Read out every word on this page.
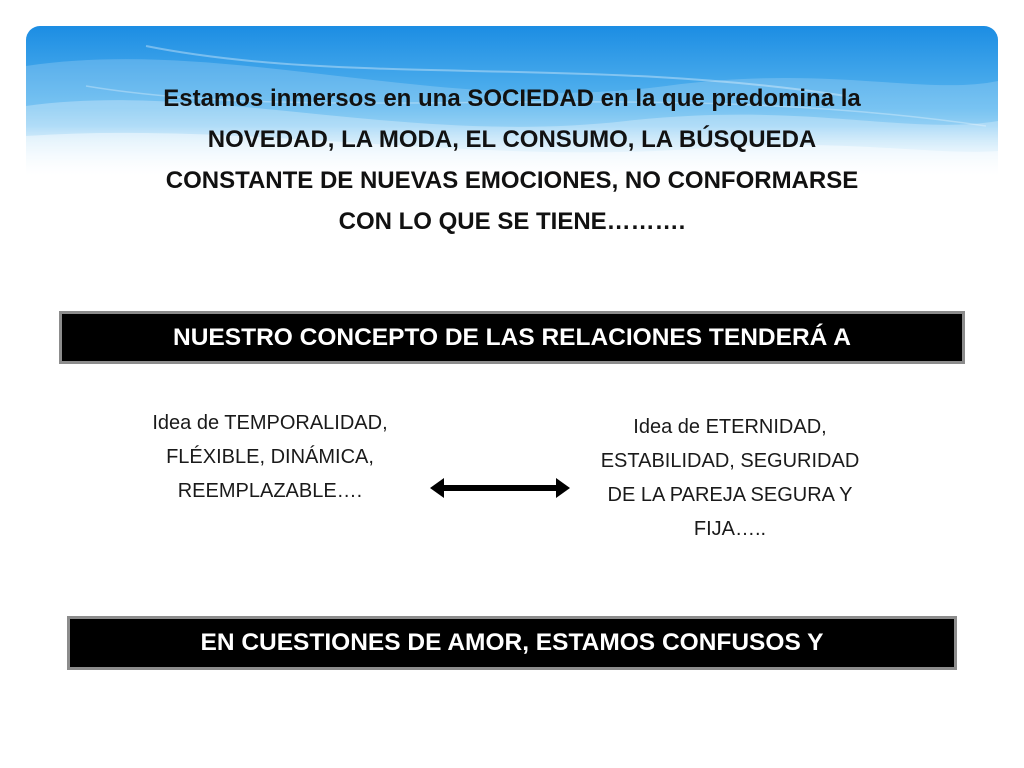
Estamos inmersos en una SOCIEDAD en la que predomina la NOVEDAD, LA MODA, EL CONSUMO, LA BÚSQUEDA CONSTANTE DE NUEVAS EMOCIONES, NO CONFORMARSE CON LO QUE SE TIENE……….
NUESTRO CONCEPTO DE LAS RELACIONES TENDERÁ A
Idea de TEMPORALIDAD, FLÉXIBLE, DINÁMICA, REEMPLAZABLE….
Idea de ETERNIDAD, ESTABILIDAD, SEGURIDAD DE LA PAREJA SEGURA Y FIJA…..
EN CUESTIONES DE AMOR, ESTAMOS CONFUSOS Y
